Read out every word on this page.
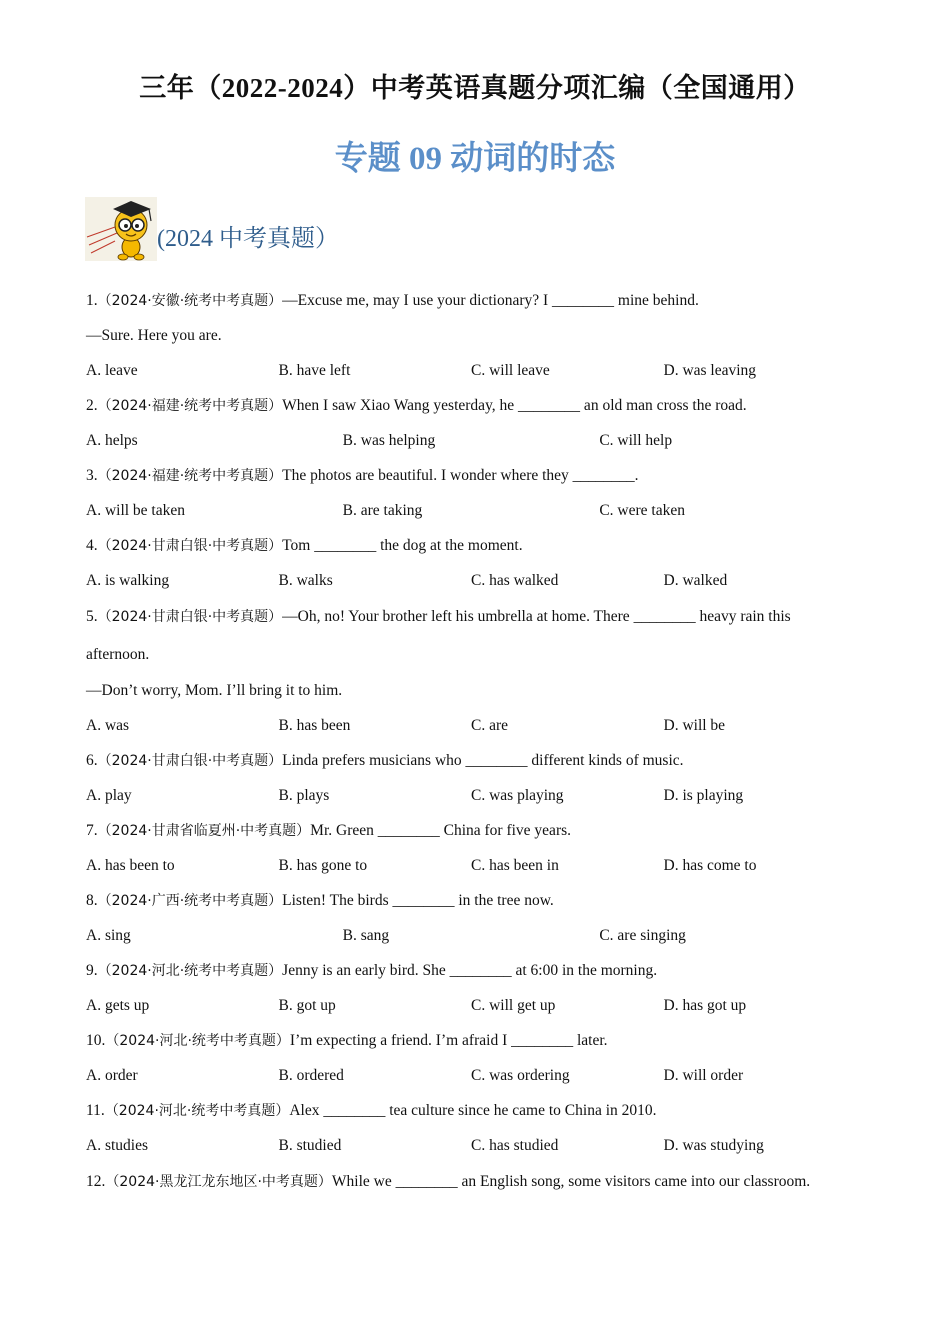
三年（2022-2024）中考英语真题分项汇编（全国通用）
专题 09 动词的时态
(2024 中考真题）
1.（2024·安徽·统考中考真题）—Excuse me, may I use your dictionary? I ________ mine behind.
—Sure. Here you are.
A. leave	B. have left	C. will leave	D. was leaving
2.（2024·福建·统考中考真题）When I saw Xiao Wang yesterday, he ________ an old man cross the road.
A. helps	B. was helping	C. will help
3.（2024·福建·统考中考真题）The photos are beautiful. I wonder where they ________.
A. will be taken	B. are taking	C. were taken
4.（2024·甘肃白银·中考真题）Tom ________ the dog at the moment.
A. is walking	B. walks	C. has walked	D. walked
5.（2024·甘肃白银·中考真题）—Oh, no! Your brother left his umbrella at home. There ________ heavy rain this afternoon.
—Don’t worry, Mom. I’ll bring it to him.
A. was	B. has been	C. are	D. will be
6.（2024·甘肃白银·中考真题）Linda prefers musicians who ________ different kinds of music.
A. play	B. plays	C. was playing	D. is playing
7.（2024·甘肃省临夏州·中考真题）Mr. Green ________ China for five years.
A. has been to	B. has gone to	C. has been in	D. has come to
8.（2024·广西·统考中考真题）Listen! The birds ________ in the tree now.
A. sing	B. sang	C. are singing
9.（2024·河北·统考中考真题）Jenny is an early bird. She ________ at 6:00 in the morning.
A. gets up	B. got up	C. will get up	D. has got up
10.（2024·河北·统考中考真题）I’m expecting a friend. I’m afraid I ________ later.
A. order	B. ordered	C. was ordering	D. will order
11.（2024·河北·统考中考真题）Alex ________ tea culture since he came to China in 2010.
A. studies	B. studied	C. has studied	D. was studying
12.（2024·黑龙江龙东地区·中考真题）While we ________ an English song, some visitors came into our classroom.
